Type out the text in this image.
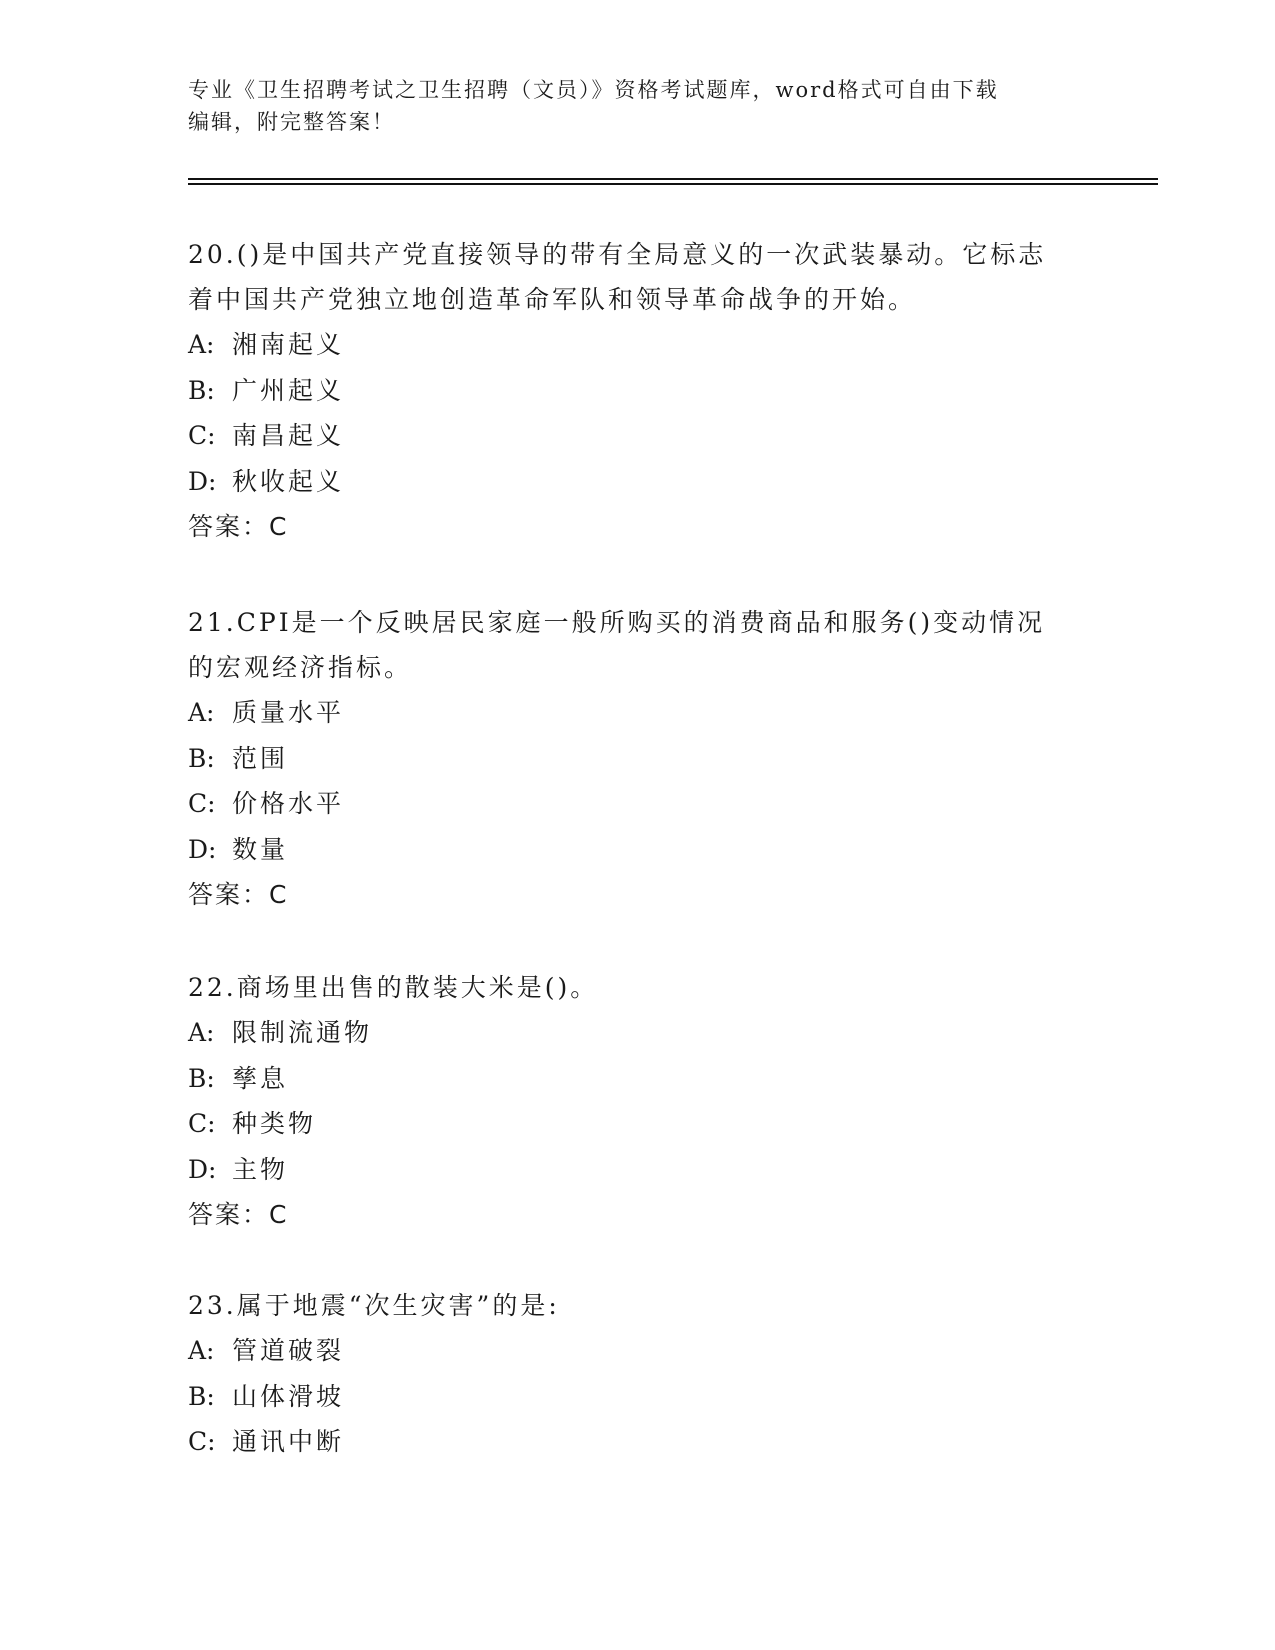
专业《卫生招聘考试之卫生招聘（文员）》资格考试题库，word格式可自由下载
编辑，附完整答案！
20.()是中国共产党直接领导的带有全局意义的一次武装暴动。它标志
着中国共产党独立地创造革命军队和领导革命战争的开始。
A: 湘南起义
B: 广州起义
C: 南昌起义
D: 秋收起义
答案：C
21.CPI是一个反映居民家庭一般所购买的消费商品和服务()变动情况
的宏观经济指标。
A: 质量水平
B: 范围
C: 价格水平
D: 数量
答案：C
22.商场里出售的散装大米是()。
A: 限制流通物
B: 孳息
C: 种类物
D: 主物
答案：C
23.属于地震“次生灾害”的是:
A: 管道破裂
B: 山体滑坡
C: 通讯中断
